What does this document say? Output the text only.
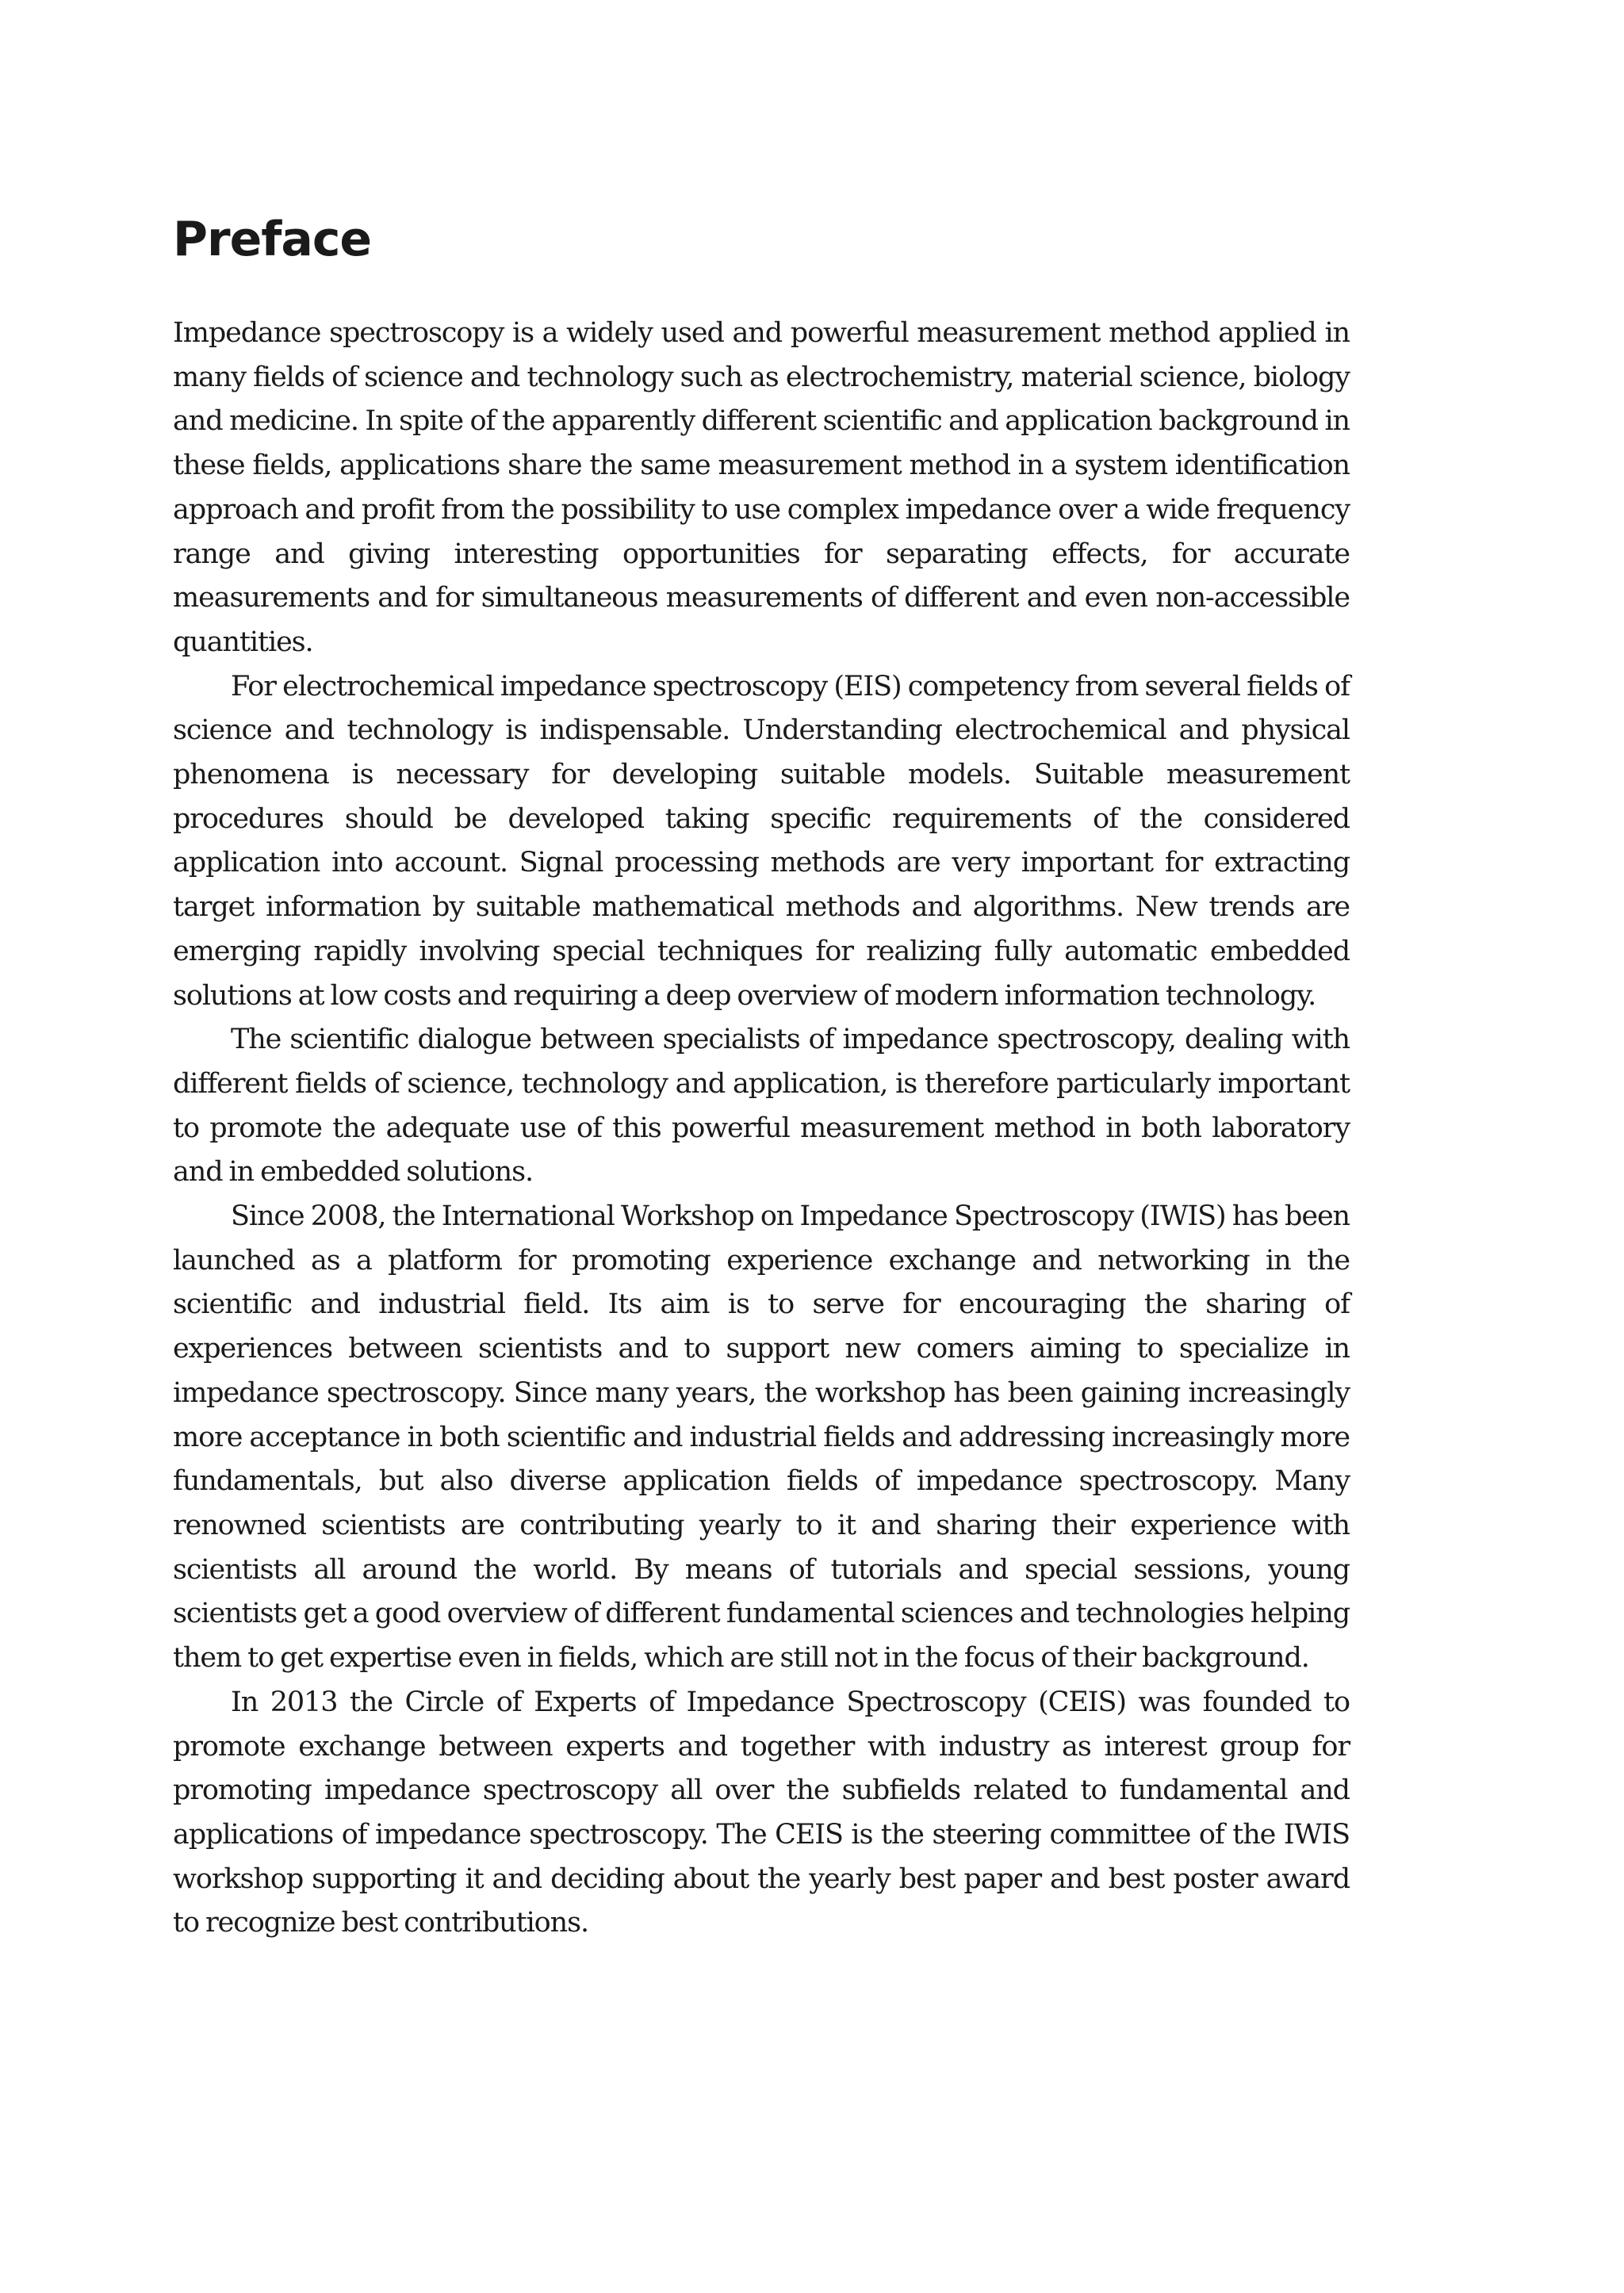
Preface

Impedance spectroscopy is a widely used and powerful measurement method applied in many fields of science and technology such as electrochemistry, material science, biology and medicine. In spite of the apparently different scientific and application background in these fields, applications share the same measurement method in a system identification approach and profit from the possibility to use complex impedance over a wide frequency range and giving interesting opportunities for separating effects, for accurate measurements and for simultaneous measurements of different and even non-accessible quantities.

For electrochemical impedance spectroscopy (EIS) competency from several fields of science and technology is indispensable. Understanding electrochemical and physical phenomena is necessary for developing suitable models. Suitable measurement procedures should be developed taking specific requirements of the considered application into account. Signal processing methods are very important for extracting target information by suitable mathematical methods and algorithms. New trends are emerging rapidly involving special techniques for realizing fully automatic embedded solutions at low costs and requiring a deep overview of modern information technology.

The scientific dialogue between specialists of impedance spectroscopy, dealing with different fields of science, technology and application, is therefore particularly important to promote the adequate use of this powerful measurement method in both laboratory and in embedded solutions.

Since 2008, the International Workshop on Impedance Spectroscopy (IWIS) has been launched as a platform for promoting experience exchange and networking in the scientific and industrial field. Its aim is to serve for encouraging the sharing of experiences between scientists and to support new comers aiming to specialize in impedance spectroscopy. Since many years, the workshop has been gaining increasingly more acceptance in both scientific and industrial fields and addressing increasingly more fundamentals, but also diverse application fields of impedance spectroscopy. Many renowned scientists are contributing yearly to it and sharing their experience with scientists all around the world. By means of tutorials and special sessions, young scientists get a good overview of different fundamental sciences and technologies helping them to get expertise even in fields, which are still not in the focus of their background.

In 2013 the Circle of Experts of Impedance Spectroscopy (CEIS) was founded to promote exchange between experts and together with industry as interest group for promoting impedance spectroscopy all over the subfields related to fundamental and applications of impedance spectroscopy. The CEIS is the steering committee of the IWIS workshop supporting it and deciding about the yearly best paper and best poster award to recognize best contributions.
